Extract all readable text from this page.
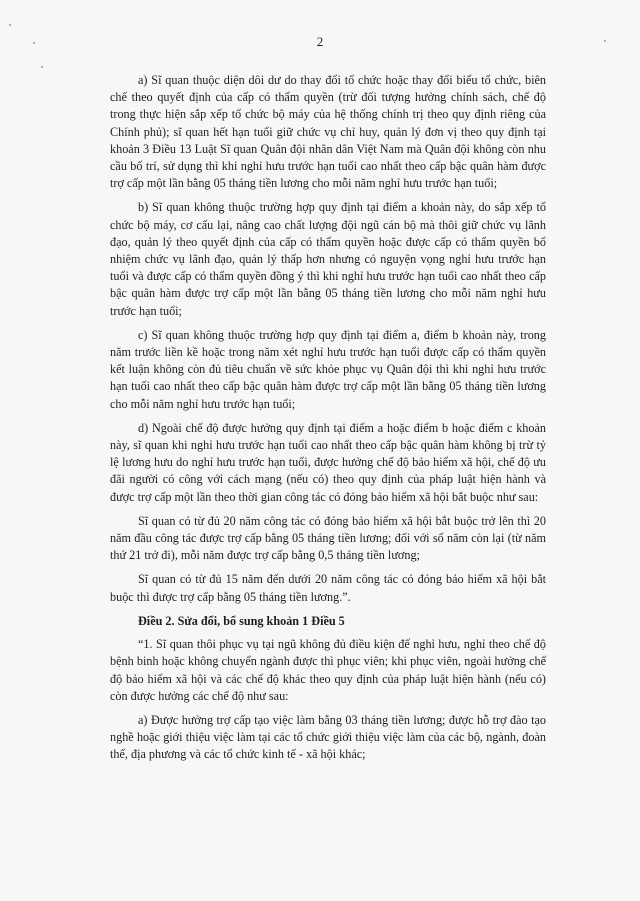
2

a) Sĩ quan thuộc diện dôi dư do thay đổi tổ chức hoặc thay đổi biểu tổ chức, biên chế theo quyết định của cấp có thẩm quyền (trừ đối tượng hưởng chính sách, chế độ trong thực hiện sắp xếp tổ chức bộ máy của hệ thống chính trị theo quy định riêng của Chính phủ); sĩ quan hết hạn tuổi giữ chức vụ chỉ huy, quản lý đơn vị theo quy định tại khoản 3 Điều 13 Luật Sĩ quan Quân đội nhân dân Việt Nam mà Quân đội không còn nhu cầu bố trí, sử dụng thì khi nghỉ hưu trước hạn tuổi cao nhất theo cấp bậc quân hàm được trợ cấp một lần bằng 05 tháng tiền lương cho mỗi năm nghỉ hưu trước hạn tuổi;

b) Sĩ quan không thuộc trường hợp quy định tại điểm a khoản này, do sắp xếp tổ chức bộ máy, cơ cấu lại, nâng cao chất lượng đội ngũ cán bộ mà thôi giữ chức vụ lãnh đạo, quản lý theo quyết định của cấp có thẩm quyền hoặc được cấp có thẩm quyền bổ nhiệm chức vụ lãnh đạo, quản lý thấp hơn nhưng có nguyện vọng nghỉ hưu trước hạn tuổi và được cấp có thẩm quyền đồng ý thì khi nghỉ hưu trước hạn tuổi cao nhất theo cấp bậc quân hàm được trợ cấp một lần bằng 05 tháng tiền lương cho mỗi năm nghỉ hưu trước hạn tuổi;

c) Sĩ quan không thuộc trường hợp quy định tại điểm a, điểm b khoản này, trong năm trước liền kề hoặc trong năm xét nghỉ hưu trước hạn tuổi được cấp có thẩm quyền kết luận không còn đủ tiêu chuẩn về sức khỏe phục vụ Quân đội thì khi nghỉ hưu trước hạn tuổi cao nhất theo cấp bậc quân hàm được trợ cấp một lần bằng 05 tháng tiền lương cho mỗi năm nghỉ hưu trước hạn tuổi;

d) Ngoài chế độ được hưởng quy định tại điểm a hoặc điểm b hoặc điểm c khoản này, sĩ quan khi nghỉ hưu trước hạn tuổi cao nhất theo cấp bậc quân hàm không bị trừ tỷ lệ lương hưu do nghỉ hưu trước hạn tuổi, được hưởng chế độ bảo hiểm xã hội, chế độ ưu đãi người có công với cách mạng (nếu có) theo quy định của pháp luật hiện hành và được trợ cấp một lần theo thời gian công tác có đóng bảo hiểm xã hội bắt buộc như sau:

Sĩ quan có từ đủ 20 năm công tác có đóng bảo hiểm xã hội bắt buộc trở lên thì 20 năm đầu công tác được trợ cấp bằng 05 tháng tiền lương; đối với số năm còn lại (từ năm thứ 21 trở đi), mỗi năm được trợ cấp bằng 0,5 tháng tiền lương;

Sĩ quan có từ đủ 15 năm đến dưới 20 năm công tác có đóng bảo hiểm xã hội bắt buộc thì được trợ cấp bằng 05 tháng tiền lương.”.

Điều 2. Sửa đổi, bổ sung khoản 1 Điều 5

“1. Sĩ quan thôi phục vụ tại ngũ không đủ điều kiện để nghỉ hưu, nghỉ theo chế độ bệnh binh hoặc không chuyển ngành được thì phục viên; khi phục viên, ngoài hưởng chế độ bảo hiểm xã hội và các chế độ khác theo quy định của pháp luật hiện hành (nếu có) còn được hưởng các chế độ như sau:

a) Được hưởng trợ cấp tạo việc làm bằng 03 tháng tiền lương; được hỗ trợ đào tạo nghề hoặc giới thiệu việc làm tại các tổ chức giới thiệu việc làm của các bộ, ngành, đoàn thể, địa phương và các tổ chức kinh tế - xã hội khác;
